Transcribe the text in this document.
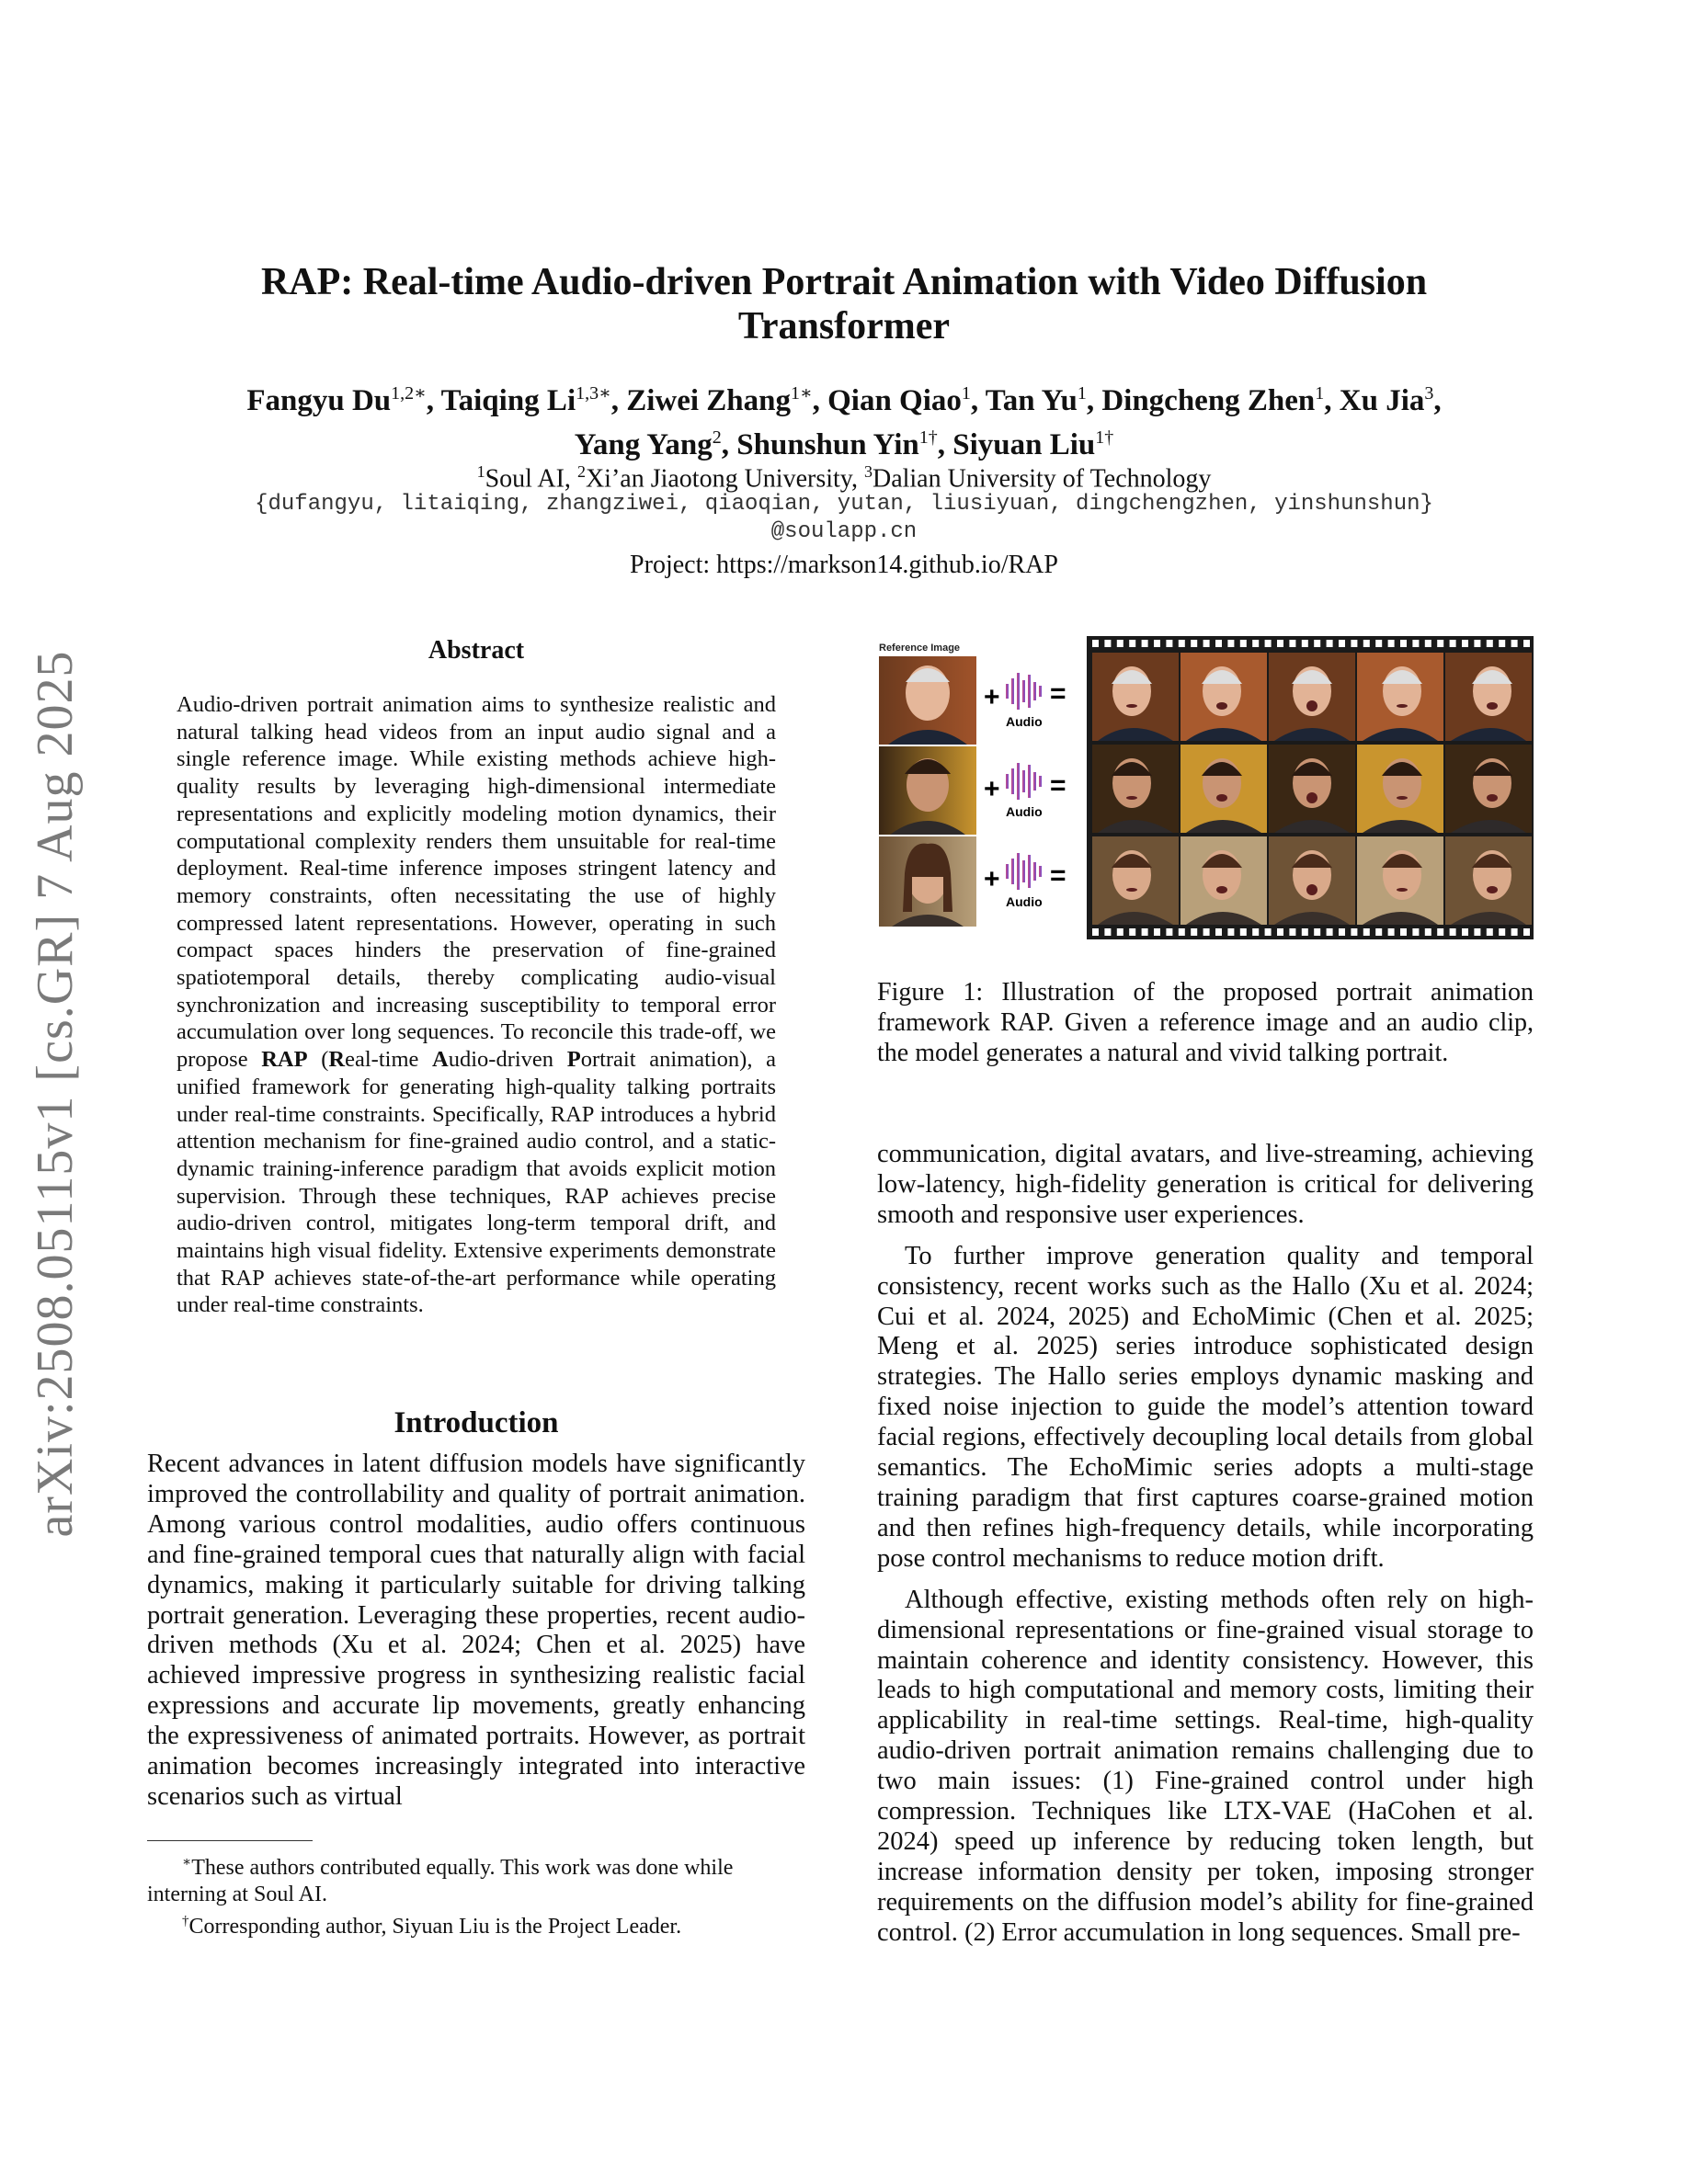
arXiv:2508.05115v1 [cs.GR] 7 Aug 2025
RAP: Real-time Audio-driven Portrait Animation with Video Diffusion
Transformer
Fangyu $Du^{1,2∗}$, Taiqing $Li^{1,3∗}$, Ziwei Zhang$^{1∗}$, Qian Qiao$^1$, Tan Yu$^1$, Dingcheng Zhen$^1$, Xu Jia$^3$,
Yang Yang$^2$, Shunshun Yin$^{1\dagger}$, Siyuan Liu$^{1\dagger}$
$^1$Soul AI, $^2$Xi’an Jiaotong University, $^3$Dalian University of Technology
{dufangyu, litaiqing, zhangziwei, qiaoqian, yutan, liusiyuan, dingchengzhen, yinshunshun}
@soulapp.cn
Project: https://markson14.github.io/RAP
Abstract

Audio-driven portrait animation aims to synthesize realistic and natural talking head videos from an input audio signal and a single reference image. While existing methods achieve high-quality results by leveraging high-dimensional intermediate representations and explicitly modeling motion dynamics, their computational complexity renders them unsuitable for real-time deployment. Real-time inference imposes stringent latency and memory constraints, often necessitating the use of highly compressed latent representations. However, operating in such compact spaces hinders the preservation of fine-grained spatiotemporal details, thereby complicating audio-visual synchronization and increasing susceptibility to temporal error accumulation over long sequences. To reconcile this trade-off, we propose RAP (Real-time Audio-driven Portrait animation), a unified framework for generating high-quality talking portraits under real-time constraints. Specifically, RAP introduces a hybrid attention mechanism for fine-grained audio control, and a static-dynamic training-inference paradigm that avoids explicit motion supervision. Through these techniques, RAP achieves precise audio-driven control, mitigates long-term temporal drift, and maintains high visual fidelity. Extensive experiments demonstrate that RAP achieves state-of-the-art performance while operating under real-time constraints.

Introduction

Recent advances in latent diffusion models have significantly improved the controllability and quality of portrait animation. Among various control modalities, audio offers continuous and fine-grained temporal cues that naturally align with facial dynamics, making it particularly suitable for driving talking portrait generation. Leveraging these properties, recent audio-driven methods (Xu et al. 2024; Chen et al. 2025) have achieved impressive progress in synthesizing realistic facial expressions and accurate lip movements, greatly enhancing the expressiveness of animated portraits. However, as portrait animation becomes increasingly integrated into interactive scenarios such as virtual

∗These authors contributed equally. This work was done while interning at Soul AI.

†Corresponding author, Siyuan Liu is the Project Leader.

Reference Image
+
Audio
=
+
Audio
=
+
Audio
=
Figure 1: Illustration of the proposed portrait animation framework RAP. Given a reference image and an audio clip, the model generates a natural and vivid talking portrait.

communication, digital avatars, and live-streaming, achieving low-latency, high-fidelity generation is critical for delivering smooth and responsive user experiences.

To further improve generation quality and temporal consistency, recent works such as the Hallo (Xu et al. 2024; Cui et al. 2024, 2025) and EchoMimic (Chen et al. 2025; Meng et al. 2025) series introduce sophisticated design strategies. The Hallo series employs dynamic masking and fixed noise injection to guide the model’s attention toward facial regions, effectively decoupling local details from global semantics. The EchoMimic series adopts a multi-stage training paradigm that first captures coarse-grained motion and then refines high-frequency details, while incorporating pose control mechanisms to reduce motion drift.

Although effective, existing methods often rely on high-dimensional representations or fine-grained visual storage to maintain coherence and identity consistency. However, this leads to high computational and memory costs, limiting their applicability in real-time settings. Real-time, high-quality audio-driven portrait animation remains challenging due to two main issues: (1) Fine-grained control under high compression. Techniques like LTX-VAE (HaCohen et al. 2024) speed up inference by reducing token length, but increase information density per token, imposing stronger requirements on the diffusion model’s ability for fine-grained control. (2) Error accumulation in long sequences. Small pre-
